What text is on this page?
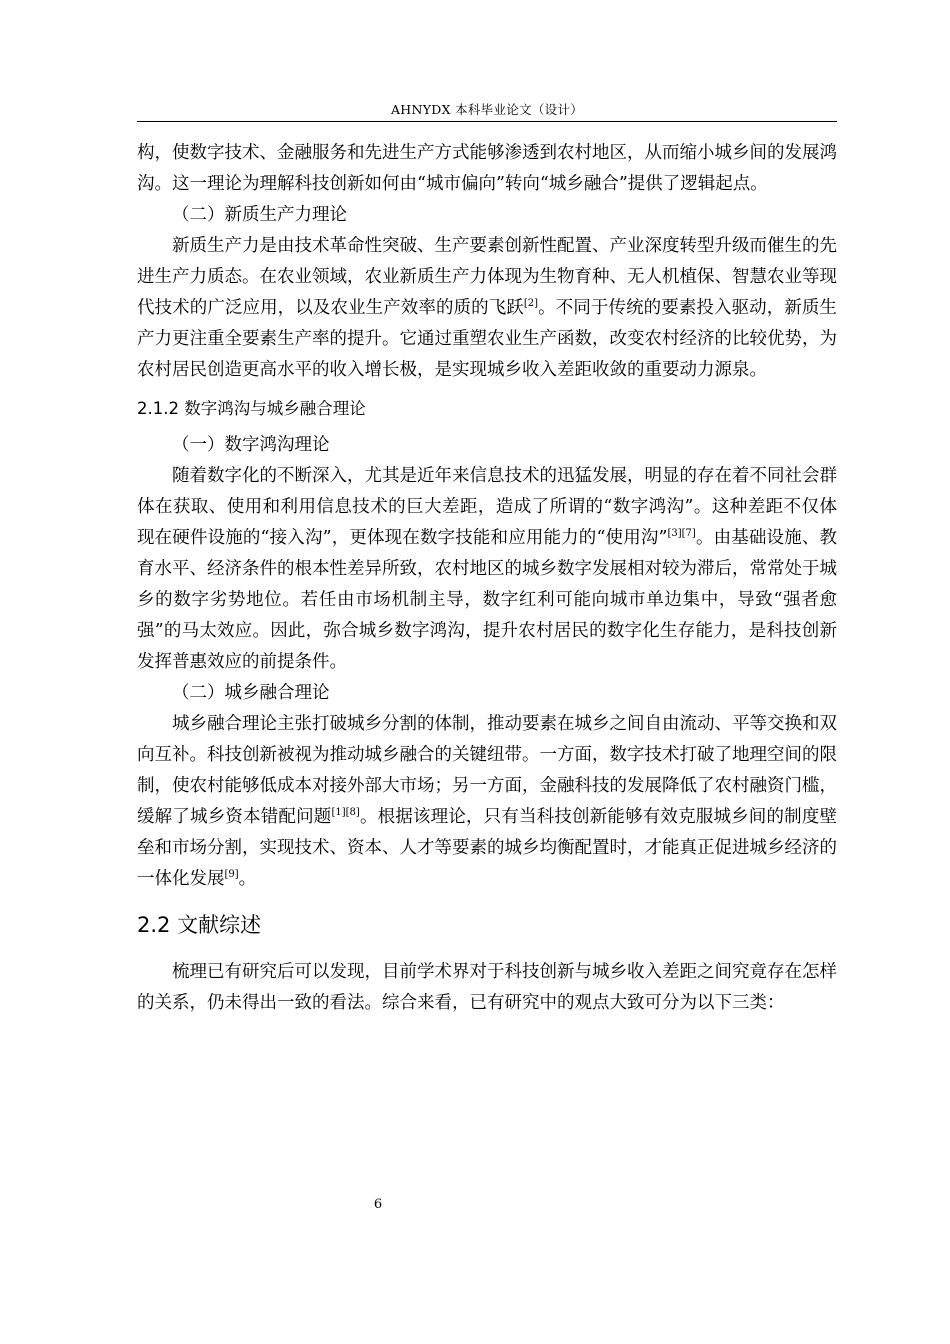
AHNYDX 本科毕业论文（设计）

构，使数字技术、金融服务和先进生产方式能够渗透到农村地区，从而缩小城乡间的发展鸿沟。这一理论为理解科技创新如何由“城市偏向”转向“城乡融合”提供了逻辑起点。

（二）新质生产力理论

新质生产力是由技术革命性突破、生产要素创新性配置、产业深度转型升级而催生的先进生产力质态。在农业领域，农业新质生产力体现为生物育种、无人机植保、智慧农业等现代技术的广泛应用，以及农业生产效率的质的飞跃[2]。不同于传统的要素投入驱动，新质生产力更注重全要素生产率的提升。它通过重塑农业生产函数，改变农村经济的比较优势，为农村居民创造更高水平的收入增长极，是实现城乡收入差距收敛的重要动力源泉。

2.1.2 数字鸿沟与城乡融合理论

（一）数字鸿沟理论

随着数字化的不断深入，尤其是近年来信息技术的迅猛发展，明显的存在着不同社会群体在获取、使用和利用信息技术的巨大差距，造成了所谓的“数字鸿沟”。这种差距不仅体现在硬件设施的“接入沟”，更体现在数字技能和应用能力的“使用沟”[3][7]。由基础设施、教育水平、经济条件的根本性差异所致，农村地区的城乡数字发展相对较为滞后，常常处于城乡的数字劣势地位。若任由市场机制主导，数字红利可能向城市单边集中，导致“强者愈强”的马太效应。因此，弥合城乡数字鸿沟，提升农村居民的数字化生存能力，是科技创新发挥普惠效应的前提条件。

（二）城乡融合理论

城乡融合理论主张打破城乡分割的体制，推动要素在城乡之间自由流动、平等交换和双向互补。科技创新被视为推动城乡融合的关键纽带。一方面，数字技术打破了地理空间的限制，使农村能够低成本对接外部大市场；另一方面，金融科技的发展降低了农村融资门槛，缓解了城乡资本错配问题[1][8]。根据该理论，只有当科技创新能够有效克服城乡间的制度壁垒和市场分割，实现技术、资本、人才等要素的城乡均衡配置时，才能真正促进城乡经济的一体化发展[9]。

2.2 文献综述

梳理已有研究后可以发现，目前学术界对于科技创新与城乡收入差距之间究竟存在怎样的关系，仍未得出一致的看法。综合来看，已有研究中的观点大致可分为以下三类：

6
